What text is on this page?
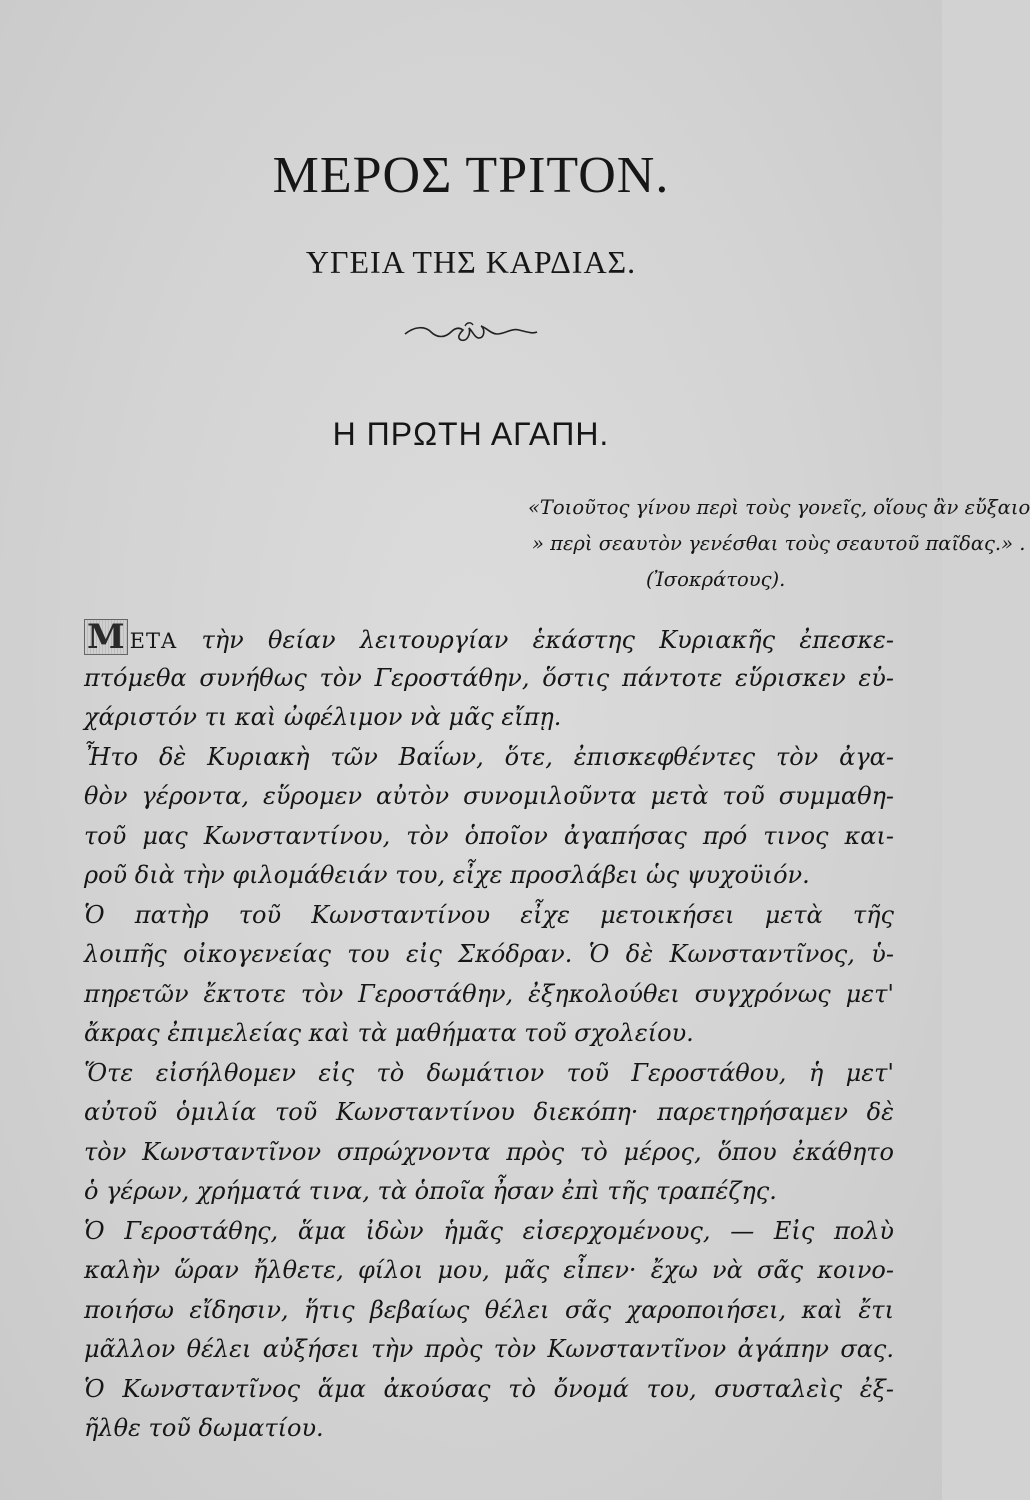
ΜΕΡΟΣ ΤΡΙΤΟΝ.
ΥΓΕΙΑ ΤΗΣ ΚΑΡΔΙΑΣ.
Η ΠΡΩΤΗ ΑΓΑΠΗ.
«Τοιοῦτος γίνου περὶ τοὺς γονεῖς, οἵους ἂν εὔξαιο
» περὶ σεαυτὸν γενέσθαι τοὺς σεαυτοῦ παῖδας.» .
(Ἰσοκράτους).
Μ ΕΤΑ τὴν θείαν λειτουργίαν ἑκάστης Κυριακῆς ἐπεσκε-
πτόμεθα συνήθως τὸν Γεροστάθην, ὅστις πάντοτε εὕρισκεν εὐ-
χάριστόν τι καὶ ὠφέλιμον νὰ μᾶς εἴπῃ.
Ἦτο δὲ Κυριακὴ τῶν Βαΐων, ὅτε, ἐπισκεφθέντες τὸν ἀγα-
θὸν γέροντα, εὕρομεν αὐτὸν συνομιλοῦντα μετὰ τοῦ συμμαθη-
τοῦ μας Κωνσταντίνου, τὸν ὁποῖον ἀγαπήσας πρό τινος και-
ροῦ διὰ τὴν φιλομάθειάν του, εἶχε προσλάβει ὡς ψυχοϋιόν.
Ὁ πατὴρ τοῦ Κωνσταντίνου εἶχε μετοικήσει μετὰ τῆς
λοιπῆς οἰκογενείας του εἰς Σκόδραν. Ὁ δὲ Κωνσταντῖνος, ὑ-
πηρετῶν ἔκτοτε τὸν Γεροστάθην, ἐξηκολούθει συγχρόνως μετ'
ἄκρας ἐπιμελείας καὶ τὰ μαθήματα τοῦ σχολείου.
Ὅτε εἰσήλθομεν εἰς τὸ δωμάτιον τοῦ Γεροστάθου, ἡ μετ'
αὐτοῦ ὁμιλία τοῦ Κωνσταντίνου διεκόπη· παρετηρήσαμεν δὲ
τὸν Κωνσταντῖνον σπρώχνοντα πρὸς τὸ μέρος, ὅπου ἐκάθητο
ὁ γέρων, χρήματά τινα, τὰ ὁποῖα ἦσαν ἐπὶ τῆς τραπέζης.
Ὁ Γεροστάθης, ἅμα ἰδὼν ἡμᾶς εἰσερχομένους, — Εἰς πολὺ
καλὴν ὥραν ἤλθετε, φίλοι μου, μᾶς εἶπεν· ἔχω νὰ σᾶς κοινο-
ποιήσω εἴδησιν, ἥτις βεβαίως θέλει σᾶς χαροποιήσει, καὶ ἔτι
μᾶλλον θέλει αὐξήσει τὴν πρὸς τὸν Κωνσταντῖνον ἀγάπην σας.
Ὁ Κωνσταντῖνος ἅμα ἀκούσας τὸ ὄνομά του, συσταλεὶς ἐξ-
ῆλθε τοῦ δωματίου.
